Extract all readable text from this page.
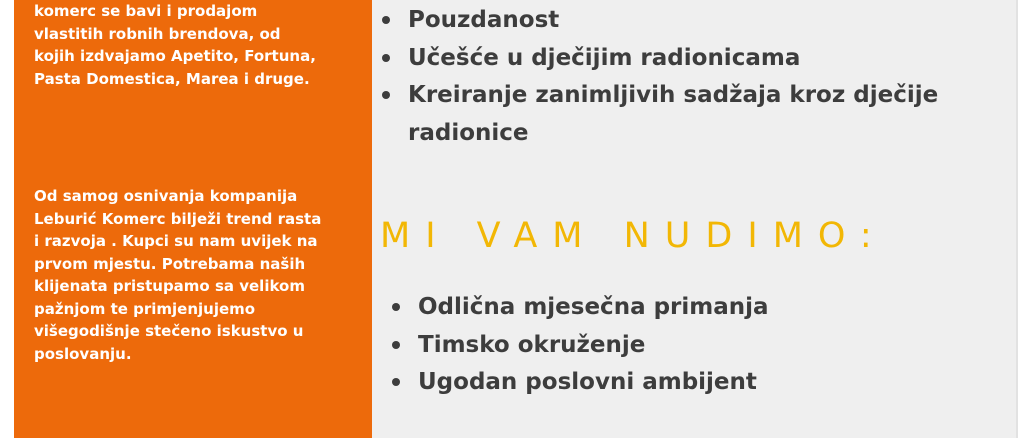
komerc se bavi i prodajom
vlastitih robnih brendova, od
kojih izdvajamo Apetito, Fortuna,
Pasta Domestica, Marea i druge.

Od samog osnivanja kompanija
Leburić Komerc bilježi trend rasta
i razvoja . Kupci su nam uvijek na
prvom mjestu. Potrebama naših
klijenata pristupamo sa velikom
pažnjom te primjenjujemo
višegodišnje stečeno iskustvo u
poslovanju.

Pouzdanost
Učešće u dječijim radionicama
Kreiranje zanimljivih sadžaja kroz dječije
radionice
MI VAM NUDIMO:
Odlična mjesečna primanja
Timsko okruženje
Ugodan poslovni ambijent
